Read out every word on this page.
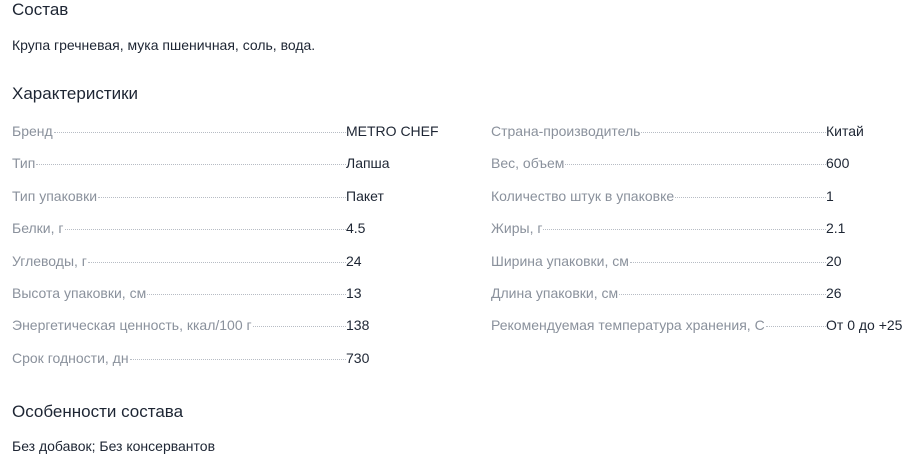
Состав

Крупа гречневая, мука пшеничная, соль, вода.

Характеристики
Бренд	METRO CHEF
Тип	Лапша
Тип упаковки	Пакет
Белки, г	4.5
Углеводы, г	24
Высота упаковки, см	13
Энергетическая ценность, ккал/100 г	138
Срок годности, дн	730
Страна-производитель	Китай
Вес, объем	600
Количество штук в упаковке	1
Жиры, г	2.1
Ширина упаковки, см	20
Длина упаковки, см	26
Рекомендуемая температура хранения, С	От 0 до +25
Особенности состава

Без добавок; Без консервантов
